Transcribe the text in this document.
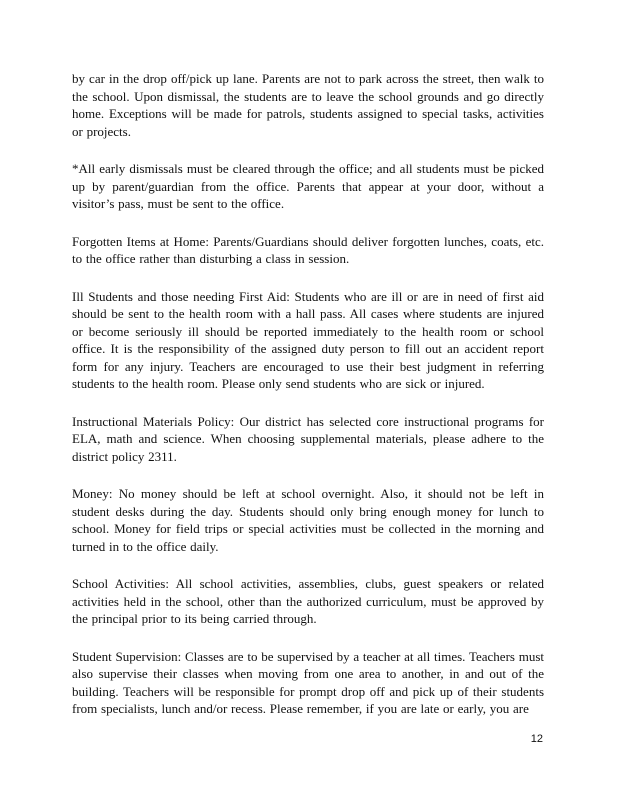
by car in the drop off/pick up lane. Parents are not to park across the street, then walk to the school. Upon dismissal, the students are to leave the school grounds and go directly home. Exceptions will be made for patrols, students assigned to special tasks, activities or projects.

*All early dismissals must be cleared through the office; and all students must be picked up by parent/guardian from the office. Parents that appear at your door, without a visitor’s pass, must be sent to the office.

Forgotten Items at Home: Parents/Guardians should deliver forgotten lunches, coats, etc. to the office rather than disturbing a class in session.

Ill Students and those needing First Aid: Students who are ill or are in need of first aid should be sent to the health room with a hall pass. All cases where students are injured or become seriously ill should be reported immediately to the health room or school office. It is the responsibility of the assigned duty person to fill out an accident report form for any injury. Teachers are encouraged to use their best judgment in referring students to the health room. Please only send students who are sick or injured.

Instructional Materials Policy: Our district has selected core instructional programs for ELA, math and science. When choosing supplemental materials, please adhere to the district policy 2311.

Money: No money should be left at school overnight. Also, it should not be left in student desks during the day. Students should only bring enough money for lunch to school. Money for field trips or special activities must be collected in the morning and turned in to the office daily.

School Activities: All school activities, assemblies, clubs, guest speakers or related activities held in the school, other than the authorized curriculum, must be approved by the principal prior to its being carried through.

Student Supervision: Classes are to be supervised by a teacher at all times. Teachers must also supervise their classes when moving from one area to another, in and out of the building. Teachers will be responsible for prompt drop off and pick up of their students from specialists, lunch and/or recess. Please remember, if you are late or early, you are

12
